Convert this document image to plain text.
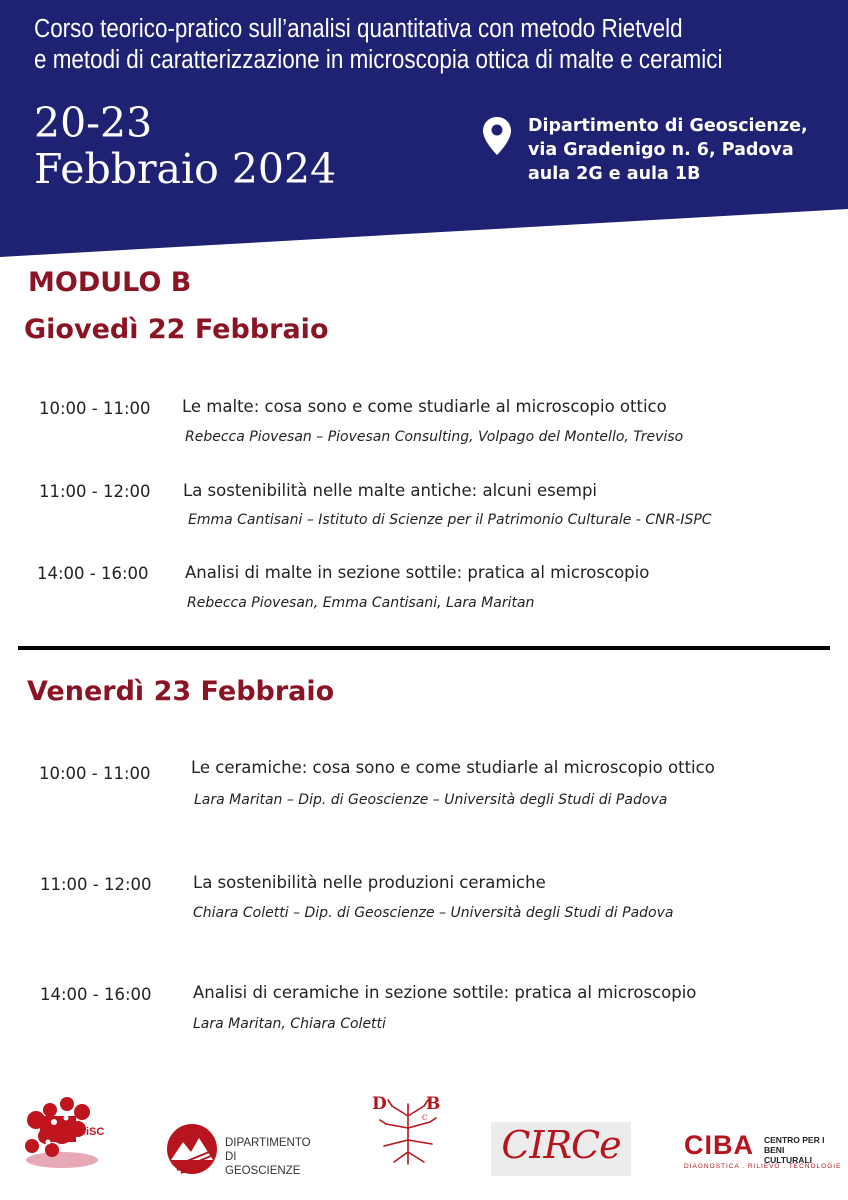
Corso teorico-pratico sull’analisi quantitativa con metodo Rietveld
e metodi di caratterizzazione in microscopia ottica di malte e ceramici
20-23
Febbraio 2024
Dipartimento di Geoscienze,
via Gradenigo n. 6, Padova
aula 2G e aula 1B
MODULO B
Giovedì 22 Febbraio
10:00 - 11:00 Le malte: cosa sono e come studiarle al microscopio ottico
Rebecca Piovesan – Piovesan Consulting, Volpago del Montello, Treviso
11:00 - 12:00 La sostenibilità nelle malte antiche: alcuni esempi
Emma Cantisani – Istituto di Scienze per il Patrimonio Culturale - CNR-ISPC
14:00 - 16:00 Analisi di malte in sezione sottile: pratica al microscopio
Rebecca Piovesan, Emma Cantisani, Lara Maritan
Venerdì 23 Febbraio
10:00 - 11:00 Le ceramiche: cosa sono e come studiarle al microscopio ottico
Lara Maritan – Dip. di Geoscienze – Università degli Studi di Padova
11:00 - 12:00	La sostenibilità nelle produzioni ceramiche
Chiara Coletti – Dip. di Geoscienze – Università degli Studi di Padova
14:00 - 16:00	Analisi di ceramiche in sezione sottile: pratica al microscopio
Lara Maritan, Chiara Coletti
DiSC
DIPARTIMENTO
DI GEOSCIENZE
D B
C
CIRCe	CIBA CENTRO PER I
BENI CULTURALI
DIAGNOSTICA . RILIEVO . TECNOLOGIE
